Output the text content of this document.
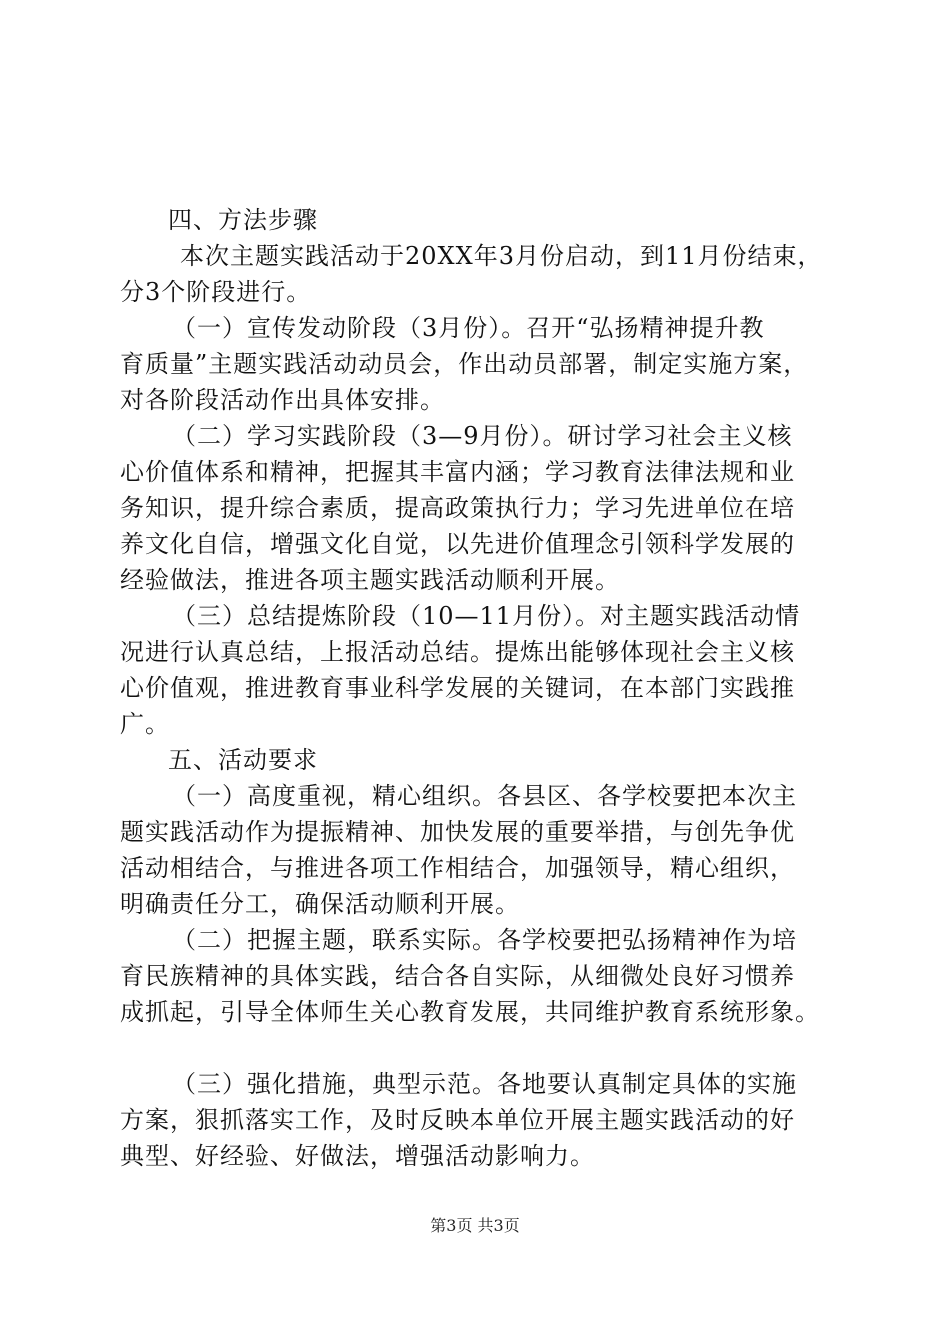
四、方法步骤
本次主题实践活动于20XX年3月份启动，到11月份结束，
分3个阶段进行。
（一）宣传发动阶段（3月份）。召开“弘扬精神提升教
育质量”主题实践活动动员会，作出动员部署，制定实施方案，
对各阶段活动作出具体安排。
（二）学习实践阶段（3—9月份）。研讨学习社会主义核
心价值体系和精神，把握其丰富内涵；学习教育法律法规和业
务知识，提升综合素质，提高政策执行力；学习先进单位在培
养文化自信，增强文化自觉，以先进价值理念引领科学发展的
经验做法，推进各项主题实践活动顺利开展。
（三）总结提炼阶段（10—11月份）。对主题实践活动情
况进行认真总结，上报活动总结。提炼出能够体现社会主义核
心价值观，推进教育事业科学发展的关键词，在本部门实践推
广。
五、活动要求
（一）高度重视，精心组织。各县区、各学校要把本次主
题实践活动作为提振精神、加快发展的重要举措，与创先争优
活动相结合，与推进各项工作相结合，加强领导，精心组织，
明确责任分工，确保活动顺利开展。
（二）把握主题，联系实际。各学校要把弘扬精神作为培
育民族精神的具体实践，结合各自实际，从细微处良好习惯养
成抓起，引导全体师生关心教育发展，共同维护教育系统形象。
（三）强化措施，典型示范。各地要认真制定具体的实施
方案，狠抓落实工作，及时反映本单位开展主题实践活动的好
典型、好经验、好做法，增强活动影响力。
第3页 共3页
